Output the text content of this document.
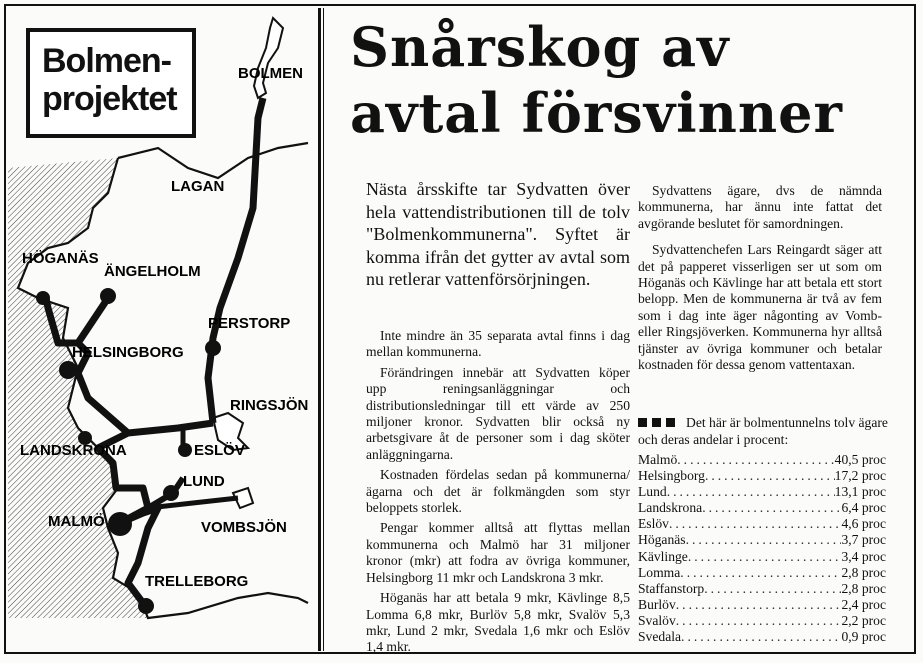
BOLMEN
LAGAN
HÖGANÄS
ÄNGELHOLM
PERSTORP
HELSINGBORG
RINGSJÖN
LANDSKRONA	ESLÖV
LUND
MALMÖ	VOMBSJÖN
TRELLEBORG
Bolmen-
projektet
Snårskog av
avtal försvinner
Nästa årsskifte tar Sydvatten över hela vattendistributionen till de tolv "Bolmenkommunerna". Syftet är komma ifrån det gytter av avtal som nu retlerar vattenförsörjningen.

Inte mindre än 35 separata avtal finns i dag mellan kommunerna.

Förändringen innebär att Sydvatten köper upp reningsanläggningar och distributionsledningar till ett värde av 250 miljoner kronor. Sydvatten blir också ny arbetsgivare åt de personer som i dag sköter anläggningarna.

Kostnaden fördelas sedan på kommunerna/ägarna och det är folkmängden som styr beloppets storlek.

Pengar kommer alltså att flyttas mellan kommunerna och Malmö har 31 miljoner kronor (mkr) att fodra av övriga kommuner, Helsingborg 11 mkr och Landskrona 3 mkr.

Höganäs har att betala 9 mkr, Kävlinge 8,5 Lomma 6,8 mkr, Burlöv 5,8 mkr, Svalöv 5,3 mkr, Lund 2 mkr, Svedala 1,6 mkr och Eslöv 1,4 mkr.

Sydvattens ägare, dvs de nämnda kommunerna, har ännu inte fattat det avgörande beslutet för samordningen.

Sydvattenchefen Lars Reingardt säger att det på papperet visserligen ser ut som om Höganäs och Kävlinge har att betala ett stort belopp. Men de kommunerna är två av fem som i dag inte äger någonting av Vomb- eller Ringsjöverken. Kommunerna hyr alltså tjänster av övriga kommuner och betalar kostnaden för dessa genom vattentaxan.

Det här är bolmentunnelns tolv ägare och deras andelar i procent:
Malmö .....	40,5 proc
Helsingborg .....	17,2 proc
Lund .....	13,1 proc
Landskrona .....	6,4 proc
Eslöv .....	4,6 proc
Höganäs .....	3,7 proc
Kävlinge .....	3,4 proc
Lomma .....	2,8 proc
Staffanstorp .....	2,8 proc
Burlöv .....	2,4 proc
Svalöv .....	2,2 proc
Svedala .....	0,9 proc
